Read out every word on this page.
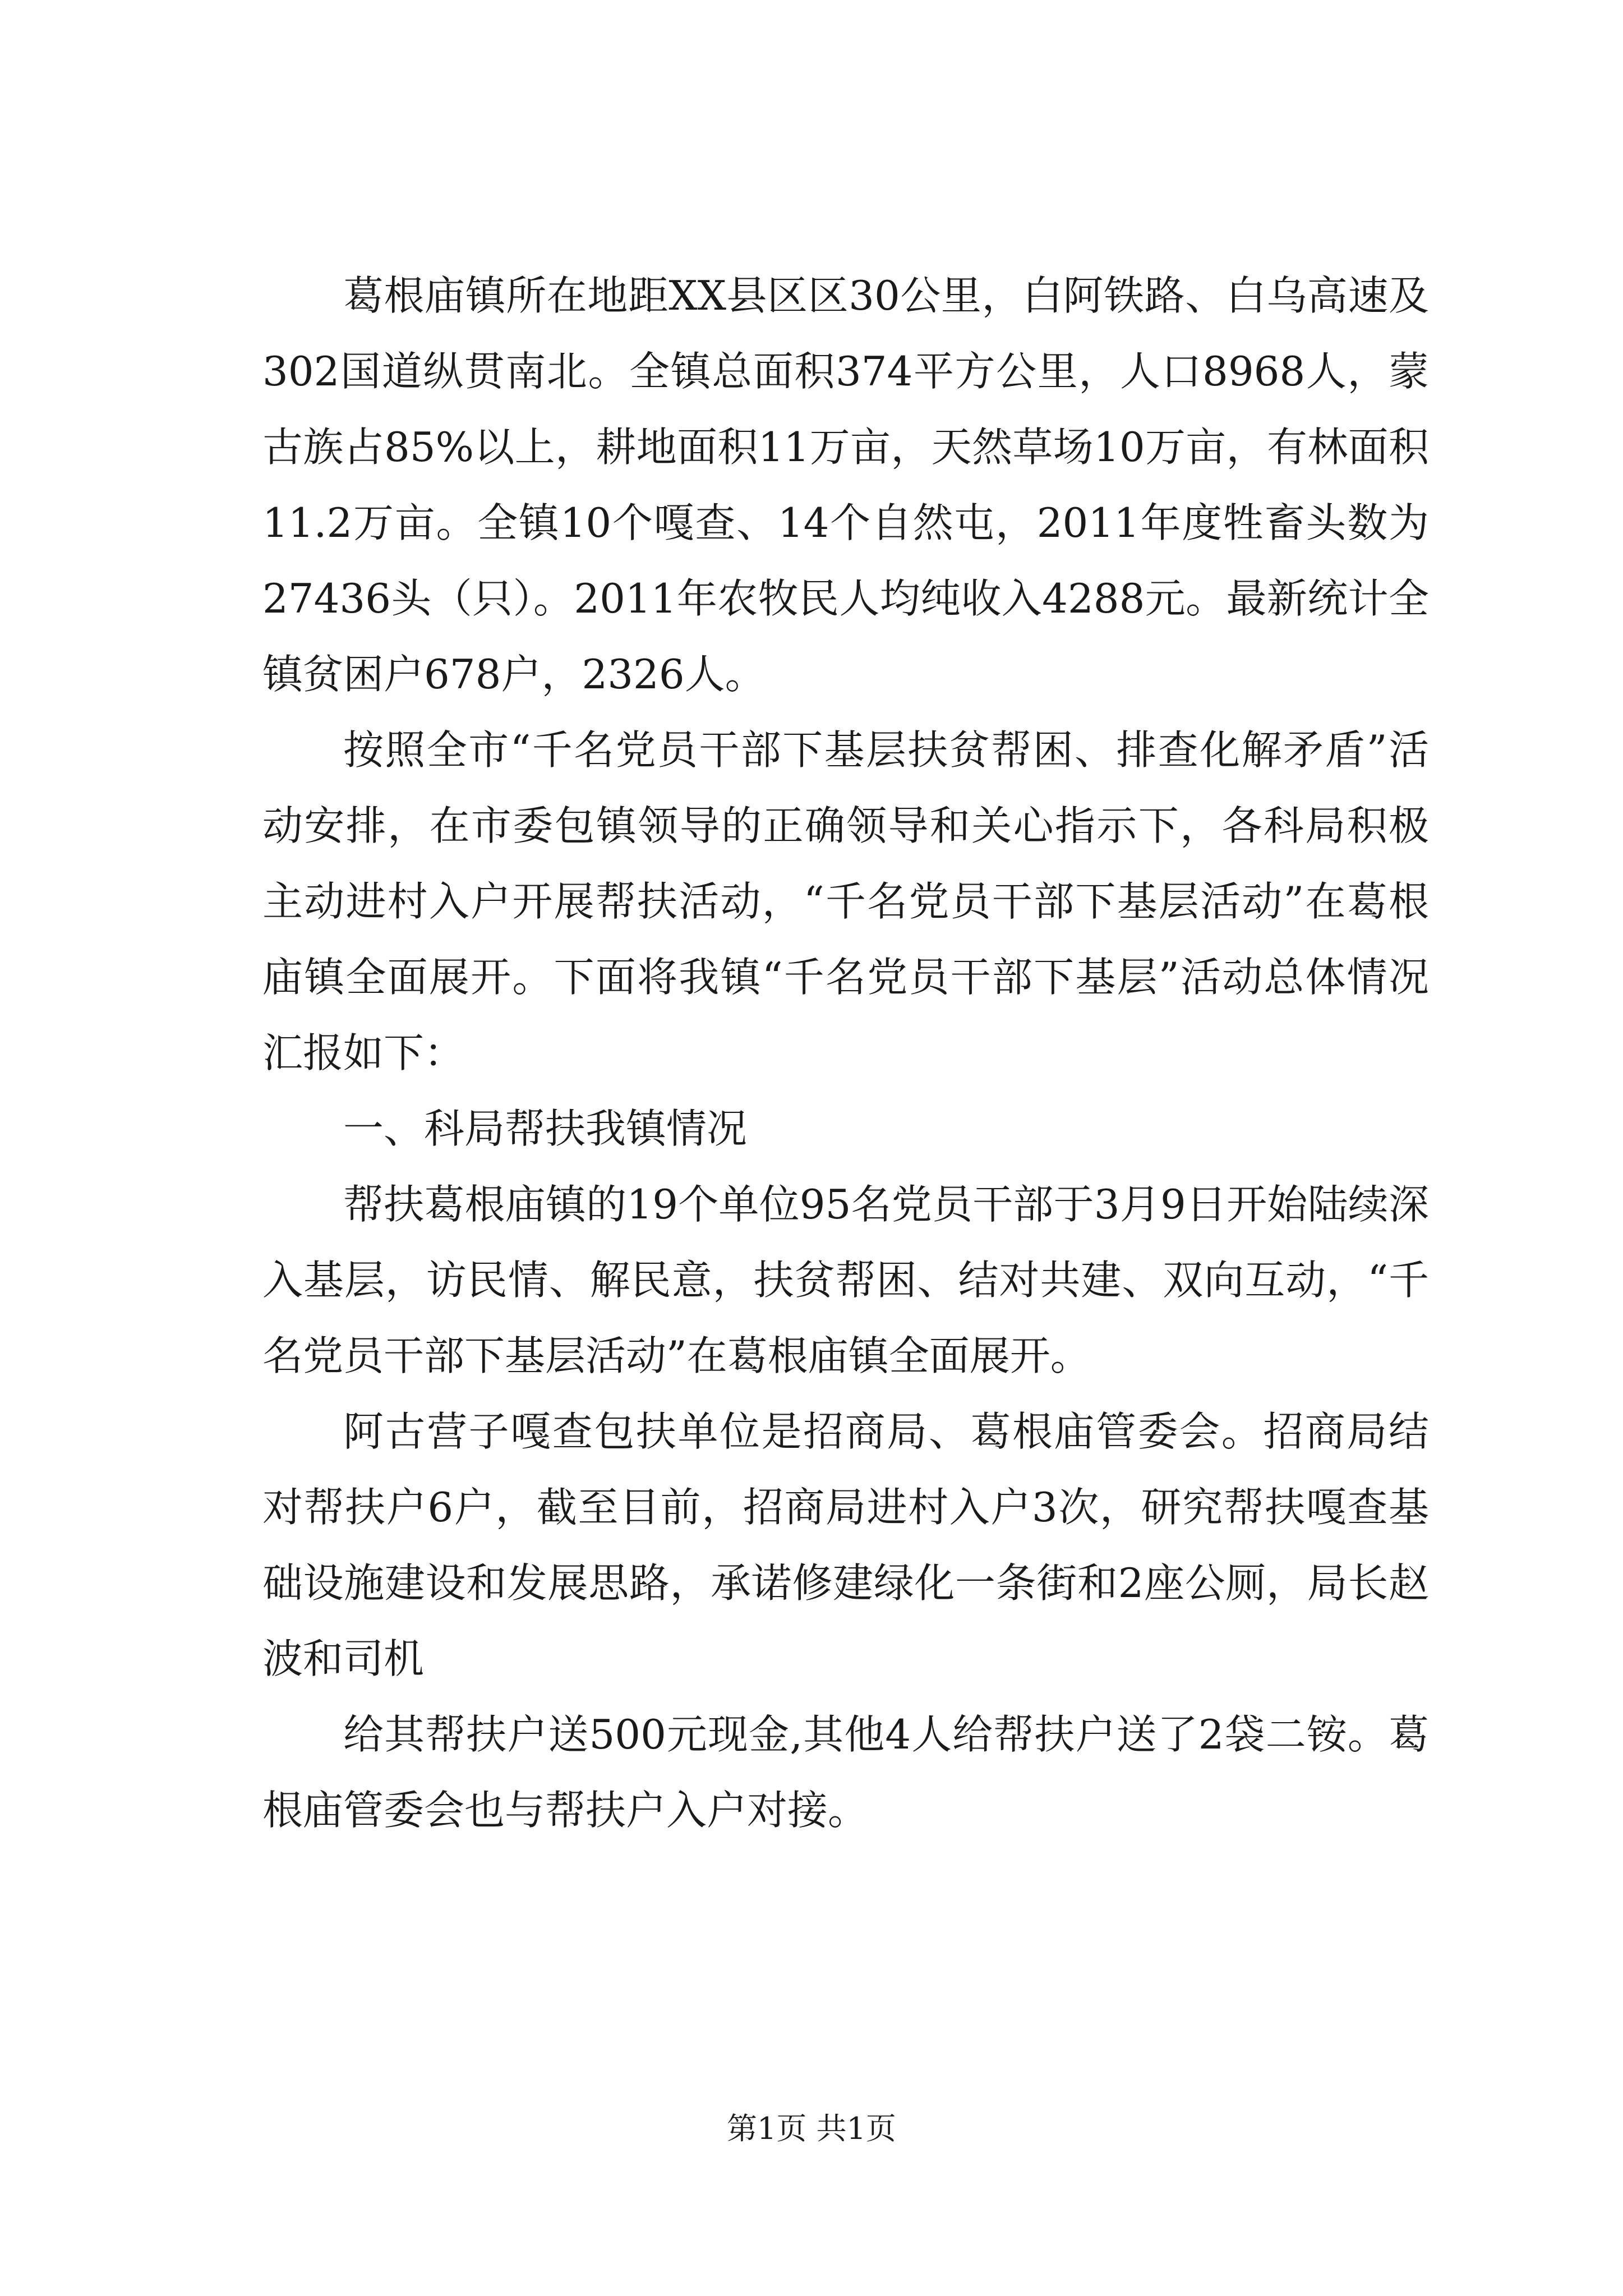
葛根庙镇所在地距XX县区区30公里，白阿铁路、白乌高速及302国道纵贯南北。全镇总面积374平方公里，人口8968人，蒙古族占85%以上，耕地面积11万亩，天然草场10万亩，有林面积11.2万亩。全镇10个嘎查、14个自然屯，2011年度牲畜头数为27436头（只）。2011年农牧民人均纯收入4288元。最新统计全镇贫困户678户，2326人。

按照全市“千名党员干部下基层扶贫帮困、排查化解矛盾”活动安排，在市委包镇领导的正确领导和关心指示下，各科局积极主动进村入户开展帮扶活动，“千名党员干部下基层活动”在葛根庙镇全面展开。下面将我镇“千名党员干部下基层”活动总体情况汇报如下：

一、科局帮扶我镇情况

帮扶葛根庙镇的19个单位95名党员干部于3月9日开始陆续深入基层，访民情、解民意，扶贫帮困、结对共建、双向互动，“千名党员干部下基层活动”在葛根庙镇全面展开。

阿古营子嘎查包扶单位是招商局、葛根庙管委会。招商局结对帮扶户6户，截至目前，招商局进村入户3次，研究帮扶嘎查基础设施建设和发展思路，承诺修建绿化一条街和2座公厕，局长赵波和司机

给其帮扶户送500元现金,其他4人给帮扶户送了2袋二铵。葛根庙管委会也与帮扶户入户对接。

第1页 共1页
